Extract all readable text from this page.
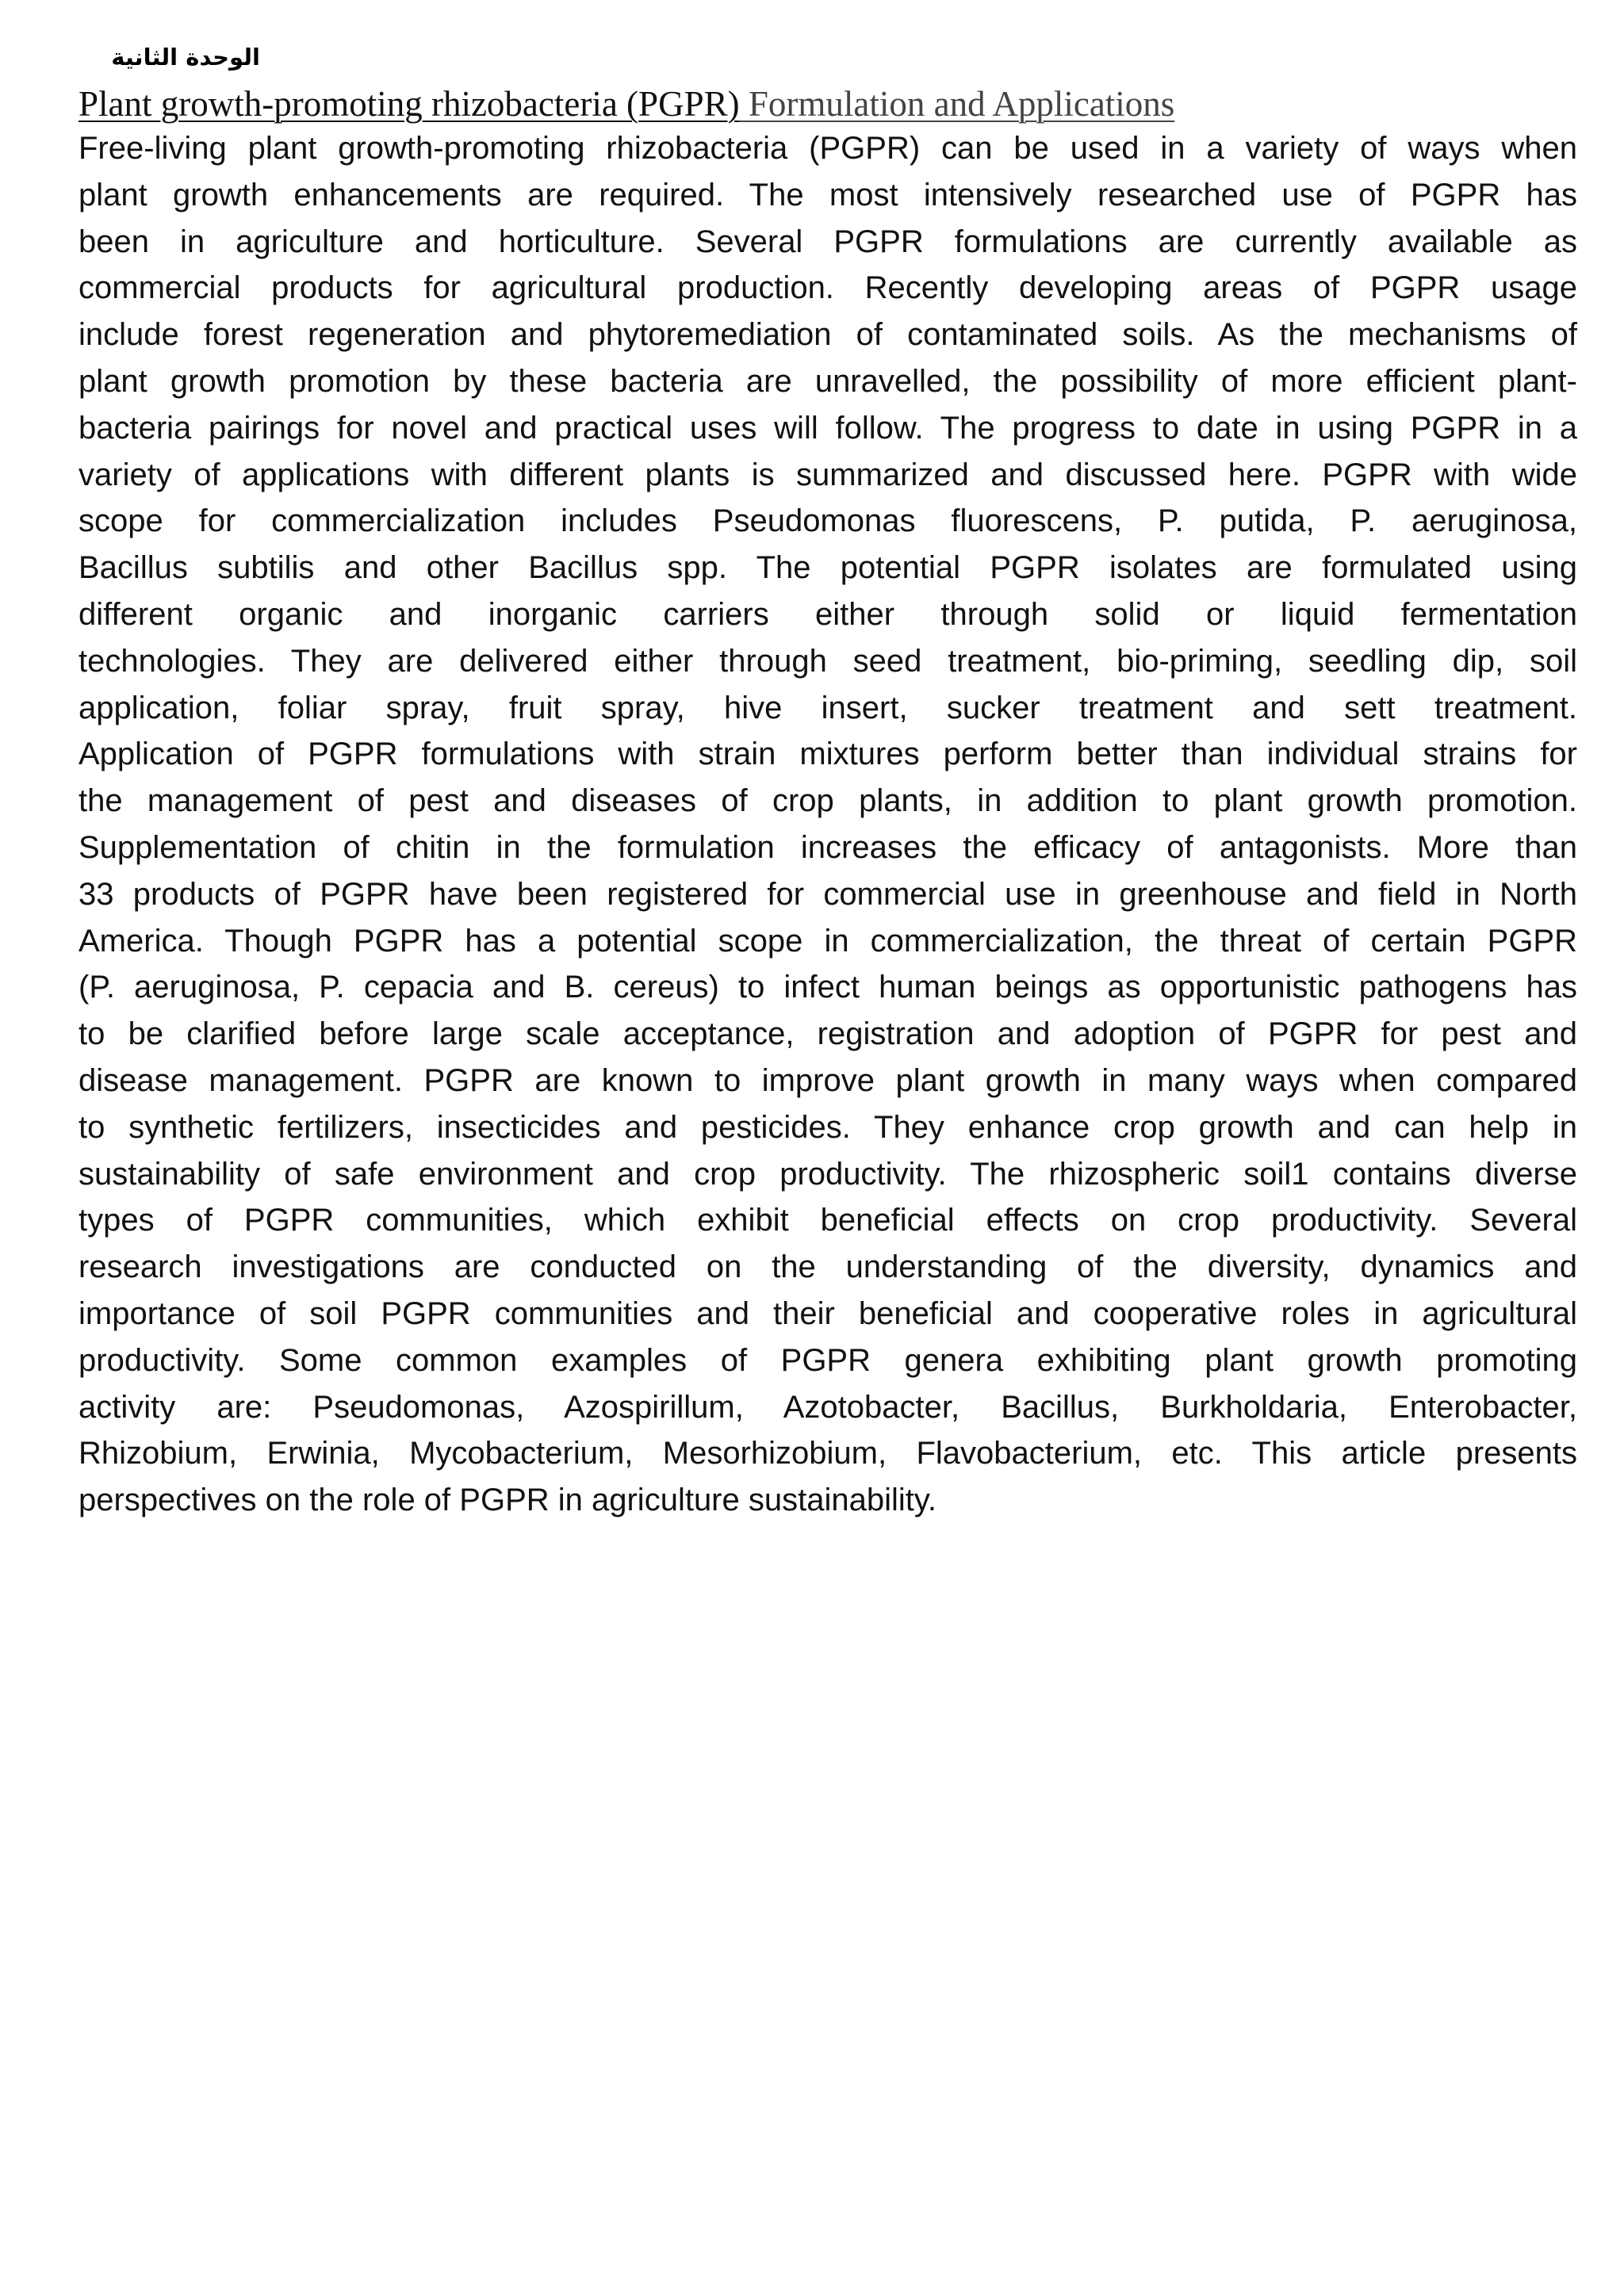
الوحدة الثانية
Plant growth-promoting rhizobacteria (PGPR) Formulation and Applications
Free-living plant growth-promoting rhizobacteria (PGPR) can be used in a variety of ways when
plant growth enhancements are required. The most intensively researched use of PGPR has
been in agriculture and horticulture. Several PGPR formulations are currently available as
commercial products for agricultural production. Recently developing areas of PGPR usage
include forest regeneration and phytoremediation of contaminated soils. As the mechanisms of
plant growth promotion by these bacteria are unravelled, the possibility of more efficient plant-
bacteria pairings for novel and practical uses will follow. The progress to date in using PGPR in a
variety of applications with different plants is summarized and discussed here. PGPR with wide
scope for commercialization includes Pseudomonas fluorescens, P. putida, P. aeruginosa,
Bacillus subtilis and other Bacillus spp. The potential PGPR isolates are formulated using
different organic and inorganic carriers either through solid or liquid fermentation
technologies. They are delivered either through seed treatment, bio-priming, seedling dip, soil
application, foliar spray, fruit spray, hive insert, sucker treatment and sett treatment.
Application of PGPR formulations with strain mixtures perform better than individual strains for
the management of pest and diseases of crop plants, in addition to plant growth promotion.
Supplementation of chitin in the formulation increases the efficacy of antagonists. More than
33 products of PGPR have been registered for commercial use in greenhouse and field in North
America. Though PGPR has a potential scope in commercialization, the threat of certain PGPR
(P. aeruginosa, P. cepacia and B. cereus) to infect human beings as opportunistic pathogens has
to be clarified before large scale acceptance, registration and adoption of PGPR for pest and
disease management. PGPR are known to improve plant growth in many ways when compared
to synthetic fertilizers, insecticides and pesticides. They enhance crop growth and can help in
sustainability of safe environment and crop productivity. The rhizospheric soil1 contains diverse
types of PGPR communities, which exhibit beneficial effects on crop productivity. Several
research investigations are conducted on the understanding of the diversity, dynamics and
importance of soil PGPR communities and their beneficial and cooperative roles in agricultural
productivity. Some common examples of PGPR genera exhibiting plant growth promoting
activity are: Pseudomonas, Azospirillum, Azotobacter, Bacillus, Burkholdaria, Enterobacter,
Rhizobium, Erwinia, Mycobacterium, Mesorhizobium, Flavobacterium, etc. This article presents
perspectives on the role of PGPR in agriculture sustainability.
